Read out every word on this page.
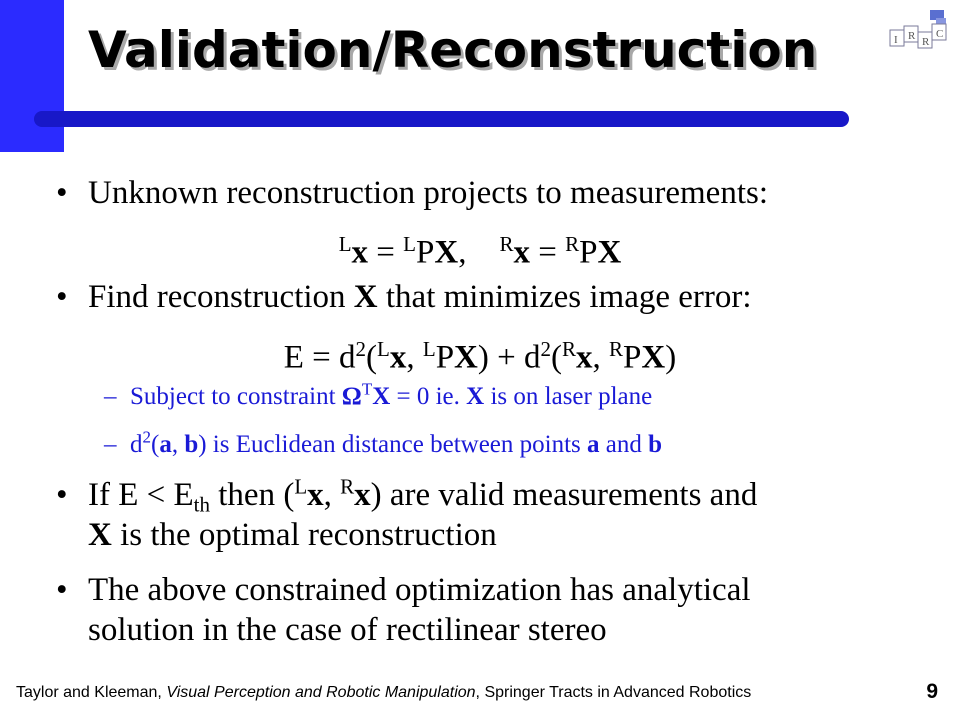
Validation/Reconstruction	I R R
C
• Unknown reconstruction projects to measurements:
$^L$x = $^L$PX,    $^R$x = $^R$PX
• Find reconstruction X that minimizes image error:
$E = d^2(^Lx$, $^LPX) + d^2(^Rx$, $^R$PX)
– Subject to constraint $\Omega^TX = 0$ ie. X is on laser plane
– $d^2(a$, b) is Euclidean distance between points a and b
• If $E < E_{th}$ then ($^L$x, $^R$x) are valid measurements and
X is the optimal reconstruction
• The above constrained optimization has analytical
solution in the case of rectilinear stereo
Taylor and Kleeman, Visual Perception and Robotic Manipulation, Springer Tracts in Advanced Robotics	9
